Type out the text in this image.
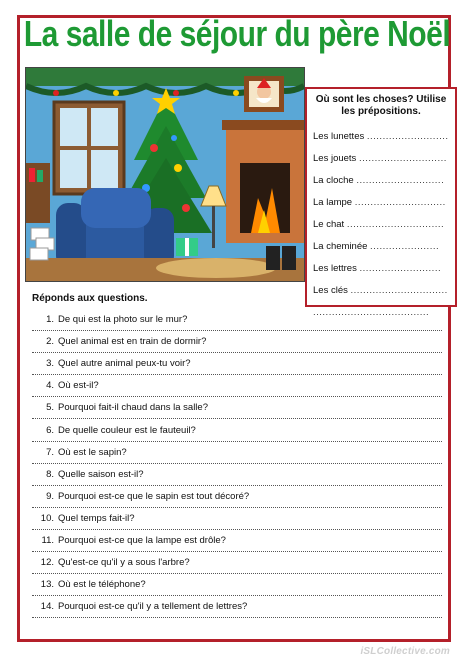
La salle de séjour du père Noël
Où sont les choses? Utilise les prépositions.
Les lunettes ..........................
Les jouets ............................
La cloche ............................
La lampe .............................
Le chat ...............................
La cheminée ......................
Les lettres ..........................
Les clés ...............................
.....................................
Réponds aux questions.
1. De qui est la photo sur le mur?
2. Quel animal est en train de dormir?
3. Quel autre animal peux-tu voir?
4. Où est-il?
5. Pourquoi fait-il chaud dans la salle?
6. De quelle couleur est le fauteuil?
7. Où est le sapin?
8. Quelle saison est-il?
9. Pourquoi est-ce que le sapin est tout décoré?
10. Quel temps fait-il?
11. Pourquoi est-ce que la lampe est drôle?
12. Qu'est-ce qu'il y a sous l'arbre?
13. Où est le téléphone?
14. Pourquoi est-ce qu'il y a tellement de lettres?
iSLCollective.com
